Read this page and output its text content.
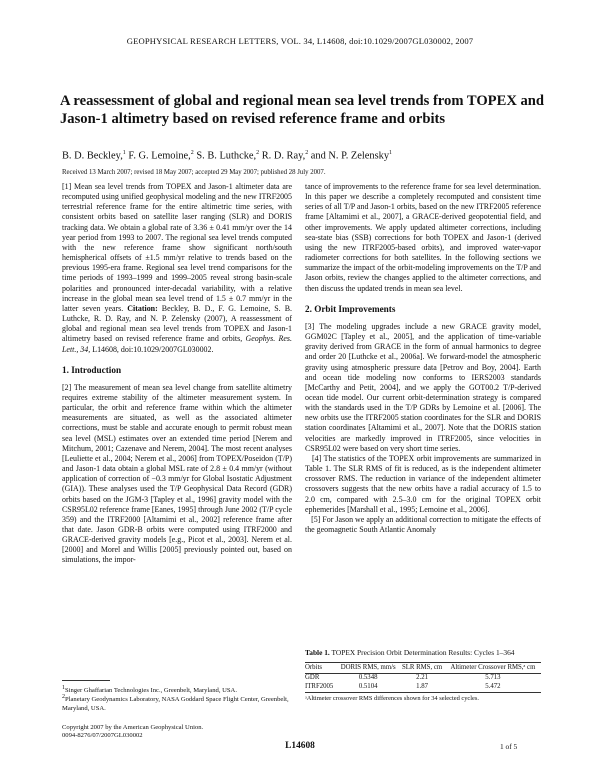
GEOPHYSICAL RESEARCH LETTERS, VOL. 34, L14608, doi:10.1029/2007GL030002, 2007
A reassessment of global and regional mean sea level trends from TOPEX and Jason-1 altimetry based on revised reference frame and orbits
B. D. Beckley,$^1$ F. G. Lemoine,$^2$ S. B. Luthcke,$^2$ R. D. Ray,$^2$ and N. P. Zelensky$^1$
Received 13 March 2007; revised 18 May 2007; accepted 29 May 2007; published 28 July 2007.

[1] Mean sea level trends from TOPEX and Jason-1 altimeter data are recomputed using unified geophysical modeling and the new ITRF2005 terrestrial reference frame for the entire altimetric time series, with consistent orbits based on satellite laser ranging (SLR) and DORIS tracking data. We obtain a global rate of 3.36 ± 0.41 mm/yr over the 14 year period from 1993 to 2007. The regional sea level trends computed with the new reference frame show significant north/south hemispherical offsets of ±1.5 mm/yr relative to trends based on the previous 1995-era frame. Regional sea level trend comparisons for the time periods of 1993–1999 and 1999–2005 reveal strong basin-scale polarities and pronounced inter-decadal variability, with a relative increase in the global mean sea level trend of 1.5 ± 0.7 mm/yr in the latter seven years. Citation: Beckley, B. D., F. G. Lemoine, S. B. Luthcke, R. D. Ray, and N. P. Zelensky (2007), A reassessment of global and regional mean sea level trends from TOPEX and Jason-1 altimetry based on revised reference frame and orbits, Geophys. Res. Lett., 34, L14608, doi:10.1029/2007GL030002.

1. Introduction

[2] The measurement of mean sea level change from satellite altimetry requires extreme stability of the altimeter measurement system. In particular, the orbit and reference frame within which the altimeter measurements are situated, as well as the associated altimeter corrections, must be stable and accurate enough to permit robust mean sea level (MSL) estimates over an extended time period [Nerem and Mitchum, 2001; Cazenave and Nerem, 2004]. The most recent analyses [Leuliette et al., 2004; Nerem et al., 2006] from TOPEX/Poseidon (T/P) and Jason-1 data obtain a global MSL rate of 2.8 ± 0.4 mm/yr (without application of correction of −0.3 mm/yr for Global Isostatic Adjustment (GIA)). These analyses used the T/P Geophysical Data Record (GDR) orbits based on the JGM-3 [Tapley et al., 1996] gravity model with the CSR95L02 reference frame [Eanes, 1995] through June 2002 (T/P cycle 359) and the ITRF2000 [Altamimi et al., 2002] reference frame after that date. Jason GDR-B orbits were computed using ITRF2000 and GRACE-derived gravity models [e.g., Picot et al., 2003]. Nerem et al. [2000] and Morel and Willis [2005] previously pointed out, based on simulations, the impor-

tance of improvements to the reference frame for sea level determination. In this paper we describe a completely recomputed and consistent time series of all T/P and Jason-1 orbits, based on the new ITRF2005 reference frame [Altamimi et al., 2007], a GRACE-derived geopotential field, and other improvements. We apply updated altimeter corrections, including sea-state bias (SSB) corrections for both TOPEX and Jason-1 (derived using the new ITRF2005-based orbits), and improved water-vapor radiometer corrections for both satellites. In the following sections we summarize the impact of the orbit-modeling improvements on the T/P and Jason orbits, review the changes applied to the altimeter corrections, and then discuss the updated trends in mean sea level.

2. Orbit Improvements

[3] The modeling upgrades include a new GRACE gravity model, GGM02C [Tapley et al., 2005], and the application of time-variable gravity derived from GRACE in the form of annual harmonics to degree and order 20 [Luthcke et al., 2006a]. We forward-model the atmospheric gravity using atmospheric pressure data [Petrov and Boy, 2004]. Earth and ocean tide modeling now conforms to IERS2003 standards [McCarthy and Petit, 2004], and we apply the GOT00.2 T/P-derived ocean tide model. Our current orbit-determination strategy is compared with the standards used in the T/P GDRs by Lemoine et al. [2006]. The new orbits use the ITRF2005 station coordinates for the SLR and DORIS station coordinates [Altamimi et al., 2007]. Note that the DORIS station velocities are markedly improved in ITRF2005, since velocities in CSR95L02 were based on very short time series.

[4] The statistics of the TOPEX orbit improvements are summarized in Table 1. The SLR RMS of fit is reduced, as is the independent altimeter crossover RMS. The reduction in variance of the independent altimeter crossovers suggests that the new orbits have a radial accuracy of 1.5 to 2.0 cm, compared with 2.5–3.0 cm for the original TOPEX orbit ephemerides [Marshall et al., 1995; Lemoine et al., 2006].

[5] For Jason we apply an additional correction to mitigate the effects of the geomagnetic South Atlantic Anomaly

Table 1. TOPEX Precision Orbit Determination Results: Cycles 1–364
Orbits	DORIS RMS, mm/s	SLR RMS, cm	Altimeter Crossover RMS,ᵃ cm
GDR	0.5348	2.21	5.713
ITRF2005	0.5104	1.87	5.472
ᵃAltimeter crossover RMS differences shown for 34 selected cycles.
$^1$Singer Ghaffarian Technologies Inc., Greenbelt, Maryland, USA.
$^2$Planetary Geodynamics Laboratory, NASA Goddard Space Flight Center, Greenbelt, Maryland, USA.
Copyright 2007 by the American Geophysical Union.
0094-8276/07/2007GL030002
L14608	1 of 5
